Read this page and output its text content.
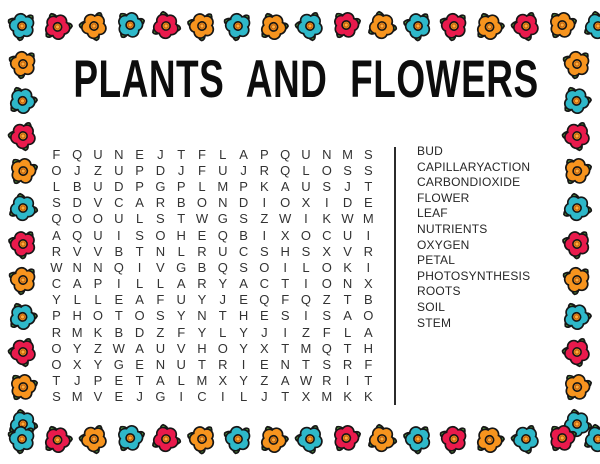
PLANTS AND FLOWERS
F Q U N E	J	T F	L A P Q U N M S
O J	Z U P D J	F U J R Q L O S S
L B U D P G P L M P K A U S	J	T
S D V C A R B O N D	I	O X	I	D E
Q O O U L S T W G S Z W I	K W M
A Q U	I	S O H E Q B	I	X O C U	I
R V V B T N L R U C S H S X V R
W N N Q	I	V G B Q S O	I	L O K	I
C A P	I	L	L A R Y A C T	I	O N X
Y L	L E A F U Y	J	E Q F Q Z T B
P H O T O S Y N T H E S	I	S A O
R M K B D Z F Y L Y	J	I	Z F	L A
O Y Z W A U V H O Y X T M Q T H
O X Y G E N U T R	I	E N T S R F
T	J	P E T A L M X Y Z A W R	I	T
S M V E	J G	I	C	I	L	J	T X M K K
BUD
CAPILLARYACTION
CARBONDIOXIDE
FLOWER
LEAF
NUTRIENTS
OXYGEN
PETAL
PHOTOSYNTHESIS
ROOTS
SOIL
STEM
